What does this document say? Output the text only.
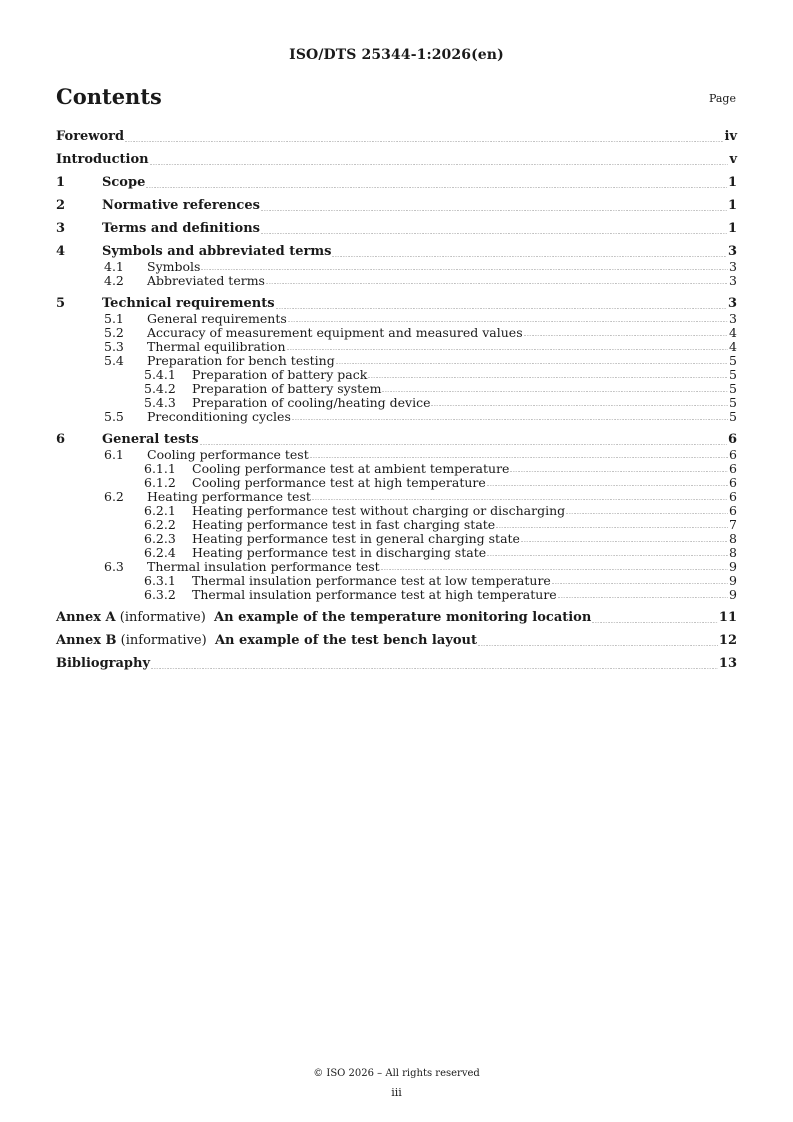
ISO/DTS 25344-1:2026(en)
Contents	Page
Foreword	iv
Introduction	v
1	Scope	1
2	Normative references	1
3	Terms and definitions	1
4	Symbols and abbreviated terms	3
4.1 Symbols	3
4.2 Abbreviated terms	3
5	Technical requirements	3
5.1 General requirements	3
5.2 Accuracy of measurement equipment and measured values	4
5.3 Thermal equilibration	4
5.4 Preparation for bench testing	5
5.4.1 Preparation of battery pack	5
5.4.2 Preparation of battery system	5
5.4.3 Preparation of cooling/heating device	5
5.5 Preconditioning cycles	5
6	General tests	6
6.1 Cooling performance test	6
6.1.1 Cooling performance test at ambient temperature	6
6.1.2 Cooling performance test at high temperature	6
6.2 Heating performance test	6
6.2.1 Heating performance test without charging or discharging	6
6.2.2 Heating performance test in fast charging state	7
6.2.3 Heating performance test in general charging state	8
6.2.4 Heating performance test in discharging state	8
6.3 Thermal insulation performance test	9
6.3.1 Thermal insulation performance test at low temperature	9
6.3.2 Thermal insulation performance test at high temperature	9
Annex A (informative)  An example of the temperature monitoring location	11
Annex B (informative)  An example of the test bench layout	12
Bibliography	13
© ISO 2026 – All rights reserved
iii
